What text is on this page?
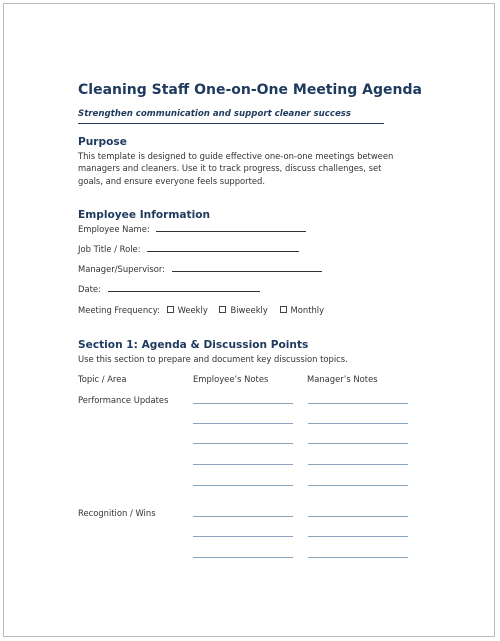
Cleaning Staff One-on-One Meeting Agenda
Strengthen communication and support cleaner success
Purpose
This template is designed to guide effective one-on-one meetings between
managers and cleaners. Use it to track progress, discuss challenges, set
goals, and ensure everyone feels supported.
Employee Information
Employee Name:
Job Title / Role:
Manager/Supervisor:
Date:
Meeting Frequency: Weekly	Biweekly	Monthly
Section 1: Agenda & Discussion Points
Use this section to prepare and document key discussion topics.
Topic / Area	Employee’s Notes	Manager’s Notes
Performance Updates
Recognition / Wins
